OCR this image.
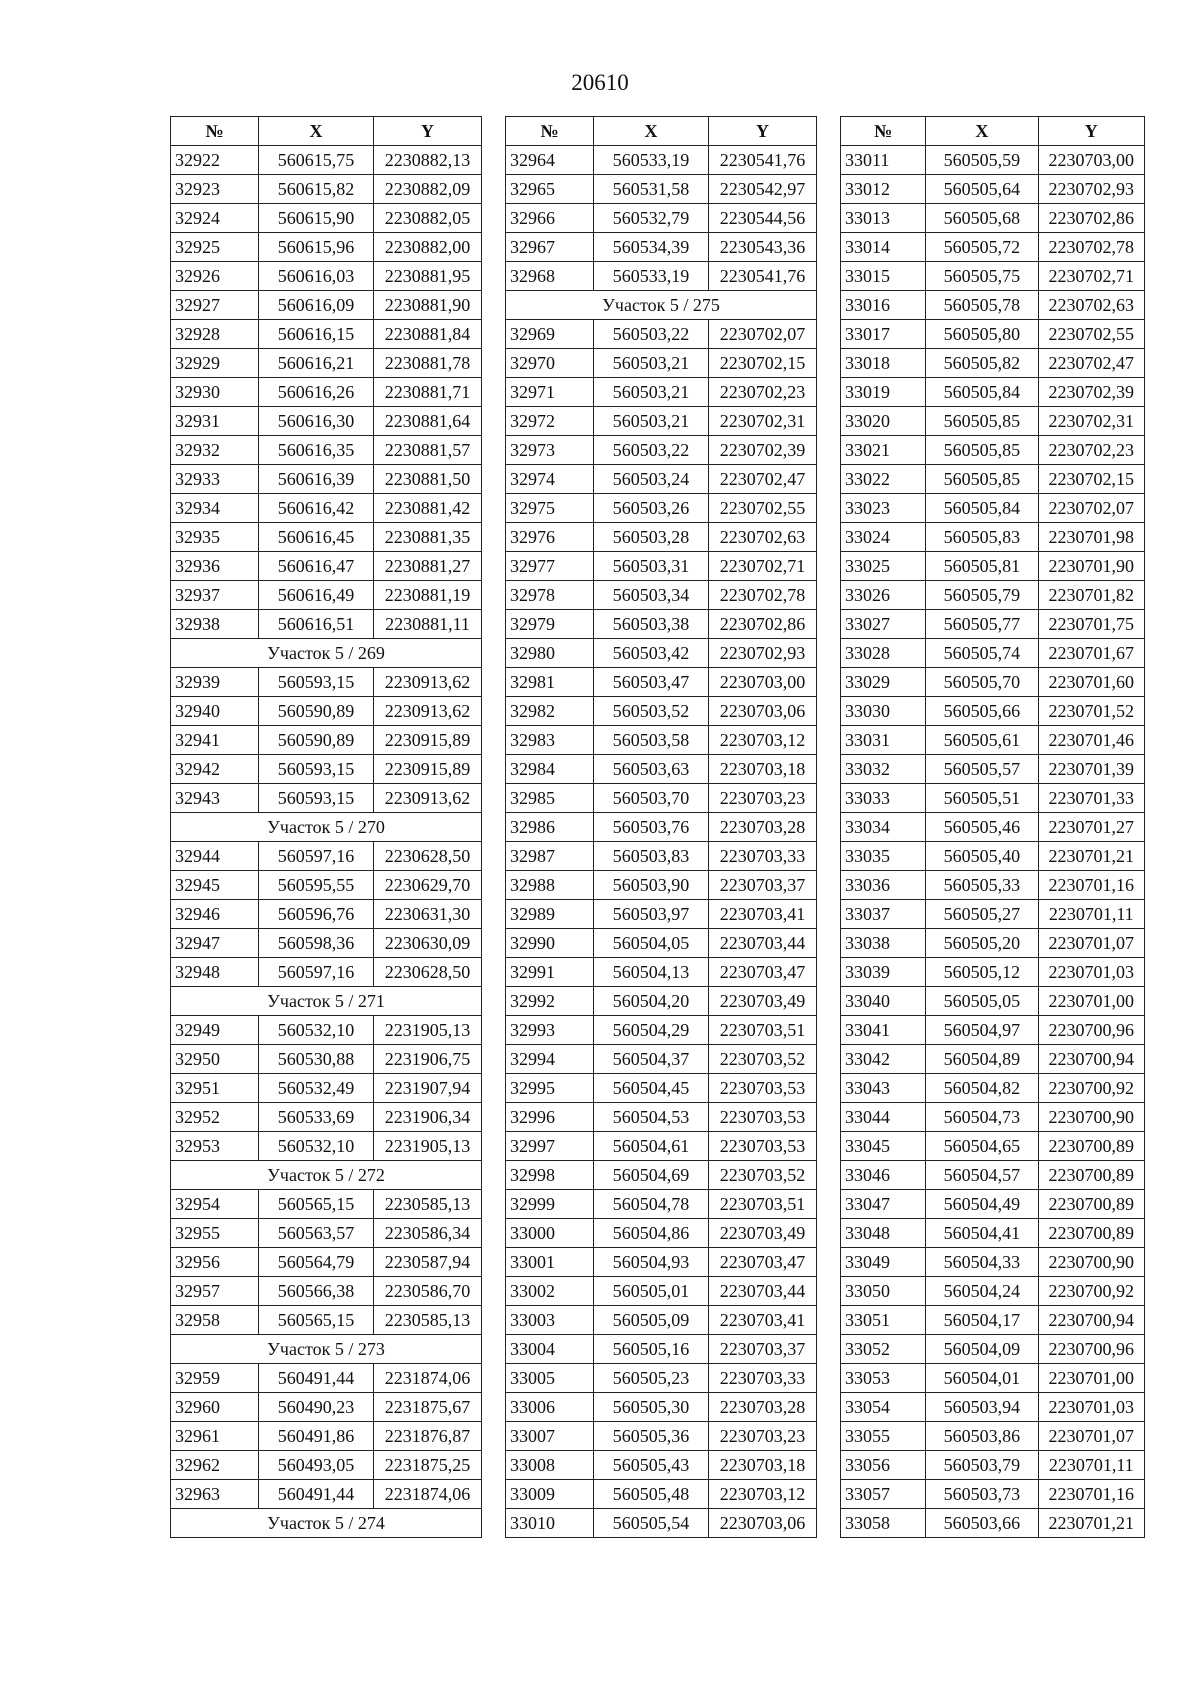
20610
№	X	Y
32922	560615,75	2230882,13
32923	560615,82	2230882,09
32924	560615,90	2230882,05
32925	560615,96	2230882,00
32926	560616,03	2230881,95
32927	560616,09	2230881,90
32928	560616,15	2230881,84
32929	560616,21	2230881,78
32930	560616,26	2230881,71
32931	560616,30	2230881,64
32932	560616,35	2230881,57
32933	560616,39	2230881,50
32934	560616,42	2230881,42
32935	560616,45	2230881,35
32936	560616,47	2230881,27
32937	560616,49	2230881,19
32938	560616,51	2230881,11
Участок 5 / 269		
32939	560593,15	2230913,62
32940	560590,89	2230913,62
32941	560590,89	2230915,89
32942	560593,15	2230915,89
32943	560593,15	2230913,62
Участок 5 / 270		
32944	560597,16	2230628,50
32945	560595,55	2230629,70
32946	560596,76	2230631,30
32947	560598,36	2230630,09
32948	560597,16	2230628,50
Участок 5 / 271		
32949	560532,10	2231905,13
32950	560530,88	2231906,75
32951	560532,49	2231907,94
32952	560533,69	2231906,34
32953	560532,10	2231905,13
Участок 5 / 272		
32954	560565,15	2230585,13
32955	560563,57	2230586,34
32956	560564,79	2230587,94
32957	560566,38	2230586,70
32958	560565,15	2230585,13
Участок 5 / 273		
32959	560491,44	2231874,06
32960	560490,23	2231875,67
32961	560491,86	2231876,87
32962	560493,05	2231875,25
32963	560491,44	2231874,06
Участок 5 / 274		
№	X	Y
32964	560533,19	2230541,76
32965	560531,58	2230542,97
32966	560532,79	2230544,56
32967	560534,39	2230543,36
32968	560533,19	2230541,76
Участок 5 / 275		
32969	560503,22	2230702,07
32970	560503,21	2230702,15
32971	560503,21	2230702,23
32972	560503,21	2230702,31
32973	560503,22	2230702,39
32974	560503,24	2230702,47
32975	560503,26	2230702,55
32976	560503,28	2230702,63
32977	560503,31	2230702,71
32978	560503,34	2230702,78
32979	560503,38	2230702,86
32980	560503,42	2230702,93
32981	560503,47	2230703,00
32982	560503,52	2230703,06
32983	560503,58	2230703,12
32984	560503,63	2230703,18
32985	560503,70	2230703,23
32986	560503,76	2230703,28
32987	560503,83	2230703,33
32988	560503,90	2230703,37
32989	560503,97	2230703,41
32990	560504,05	2230703,44
32991	560504,13	2230703,47
32992	560504,20	2230703,49
32993	560504,29	2230703,51
32994	560504,37	2230703,52
32995	560504,45	2230703,53
32996	560504,53	2230703,53
32997	560504,61	2230703,53
32998	560504,69	2230703,52
32999	560504,78	2230703,51
33000	560504,86	2230703,49
33001	560504,93	2230703,47
33002	560505,01	2230703,44
33003	560505,09	2230703,41
33004	560505,16	2230703,37
33005	560505,23	2230703,33
33006	560505,30	2230703,28
33007	560505,36	2230703,23
33008	560505,43	2230703,18
33009	560505,48	2230703,12
33010	560505,54	2230703,06
№	X	Y
33011	560505,59	2230703,00
33012	560505,64	2230702,93
33013	560505,68	2230702,86
33014	560505,72	2230702,78
33015	560505,75	2230702,71
33016	560505,78	2230702,63
33017	560505,80	2230702,55
33018	560505,82	2230702,47
33019	560505,84	2230702,39
33020	560505,85	2230702,31
33021	560505,85	2230702,23
33022	560505,85	2230702,15
33023	560505,84	2230702,07
33024	560505,83	2230701,98
33025	560505,81	2230701,90
33026	560505,79	2230701,82
33027	560505,77	2230701,75
33028	560505,74	2230701,67
33029	560505,70	2230701,60
33030	560505,66	2230701,52
33031	560505,61	2230701,46
33032	560505,57	2230701,39
33033	560505,51	2230701,33
33034	560505,46	2230701,27
33035	560505,40	2230701,21
33036	560505,33	2230701,16
33037	560505,27	2230701,11
33038	560505,20	2230701,07
33039	560505,12	2230701,03
33040	560505,05	2230701,00
33041	560504,97	2230700,96
33042	560504,89	2230700,94
33043	560504,82	2230700,92
33044	560504,73	2230700,90
33045	560504,65	2230700,89
33046	560504,57	2230700,89
33047	560504,49	2230700,89
33048	560504,41	2230700,89
33049	560504,33	2230700,90
33050	560504,24	2230700,92
33051	560504,17	2230700,94
33052	560504,09	2230700,96
33053	560504,01	2230701,00
33054	560503,94	2230701,03
33055	560503,86	2230701,07
33056	560503,79	2230701,11
33057	560503,73	2230701,16
33058	560503,66	2230701,21
